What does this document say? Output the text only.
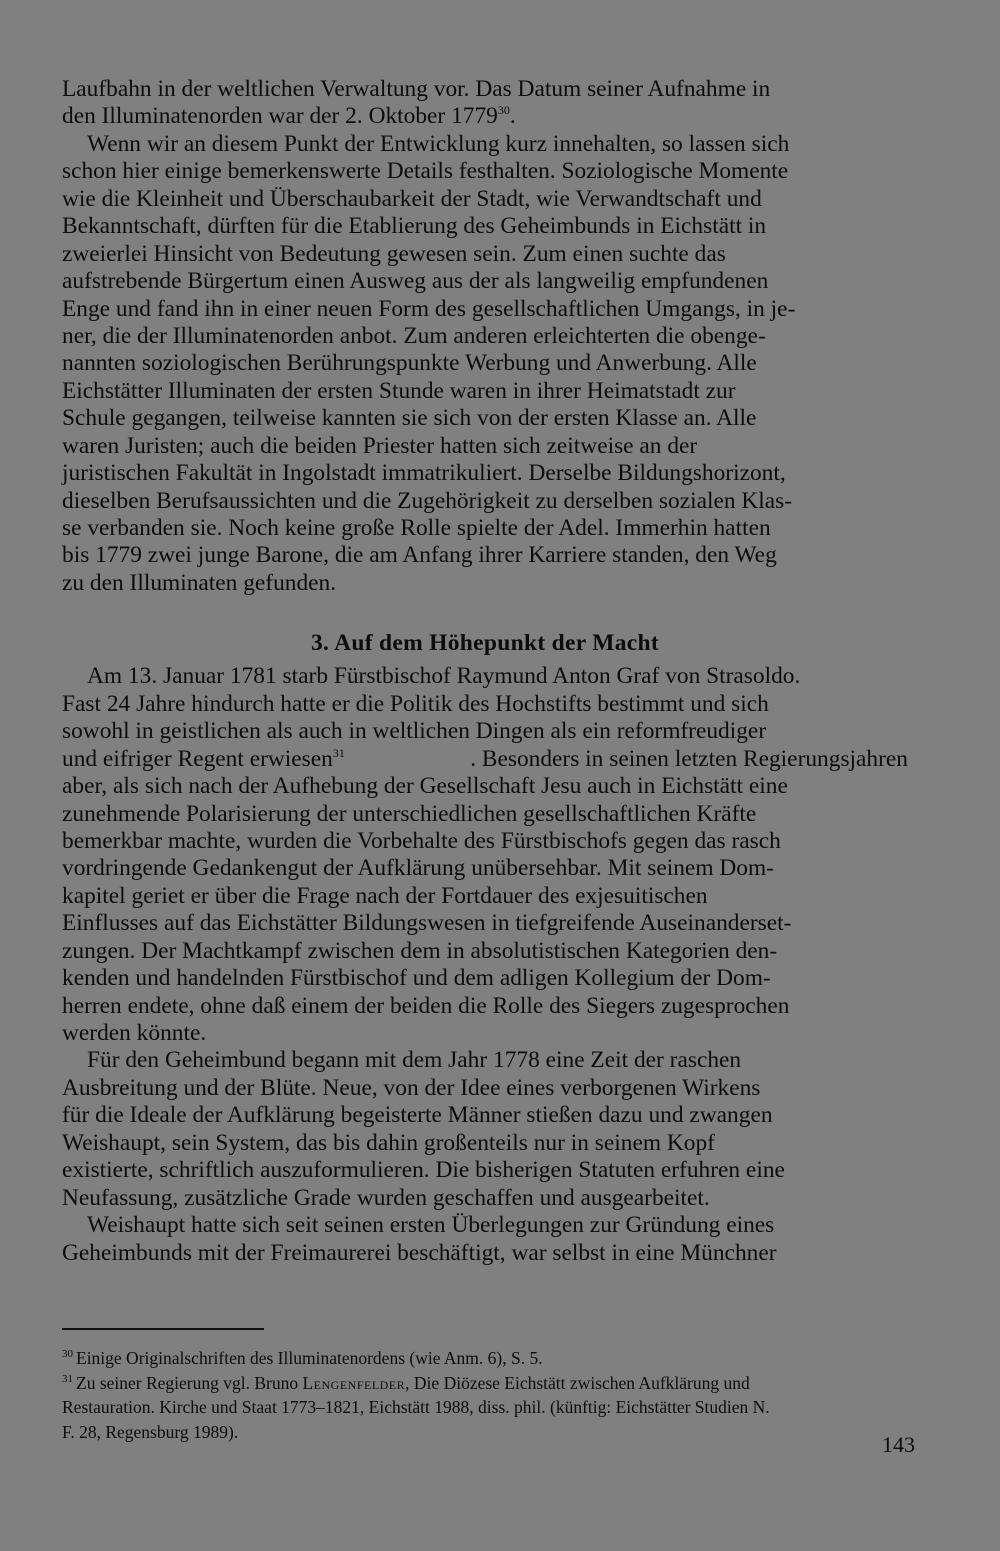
Laufbahn in der weltlichen Verwaltung vor. Das Datum seiner Aufnahme in
den Illuminatenorden war der 2. Oktober 1779$^{30}$.
Wenn wir an diesem Punkt der Entwicklung kurz innehalten, so lassen sich
schon hier einige bemerkenswerte Details festhalten. Soziologische Momente
wie die Kleinheit und Überschaubarkeit der Stadt, wie Verwandtschaft und
Bekanntschaft, dürften für die Etablierung des Geheimbunds in Eichstätt in
zweierlei Hinsicht von Bedeutung gewesen sein. Zum einen suchte das
aufstrebende Bürgertum einen Ausweg aus der als langweilig empfundenen
Enge und fand ihn in einer neuen Form des gesellschaftlichen Umgangs, in je-
ner, die der Illuminatenorden anbot. Zum anderen erleichterten die obenge-
nannten soziologischen Berührungspunkte Werbung und Anwerbung. Alle
Eichstätter Illuminaten der ersten Stunde waren in ihrer Heimatstadt zur
Schule gegangen, teilweise kannten sie sich von der ersten Klasse an. Alle
waren Juristen; auch die beiden Priester hatten sich zeitweise an der
juristischen Fakultät in Ingolstadt immatrikuliert. Derselbe Bildungshorizont,
dieselben Berufsaussichten und die Zugehörigkeit zu derselben sozialen Klas-
se verbanden sie. Noch keine große Rolle spielte der Adel. Immerhin hatten
bis 1779 zwei junge Barone, die am Anfang ihrer Karriere standen, den Weg
zu den Illuminaten gefunden.
3. Auf dem Höhepunkt der Macht
Am 13. Januar 1781 starb Fürstbischof Raymund Anton Graf von Strasoldo.
Fast 24 Jahre hindurch hatte er die Politik des Hochstifts bestimmt und sich
sowohl in geistlichen als auch in weltlichen Dingen als ein reformfreudiger
und eifriger Regent erwiesen$^{31}$	. Besonders in seinen letzten Regierungsjahren
aber, als sich nach der Aufhebung der Gesellschaft Jesu auch in Eichstätt eine
zunehmende Polarisierung der unterschiedlichen gesellschaftlichen Kräfte
bemerkbar machte, wurden die Vorbehalte des Fürstbischofs gegen das rasch
vordringende Gedankengut der Aufklärung unübersehbar. Mit seinem Dom-
kapitel geriet er über die Frage nach der Fortdauer des exjesuitischen
Einflusses auf das Eichstätter Bildungswesen in tiefgreifende Auseinanderset-
zungen. Der Machtkampf zwischen dem in absolutistischen Kategorien den-
kenden und handelnden Fürstbischof und dem adligen Kollegium der Dom-
herren endete, ohne daß einem der beiden die Rolle des Siegers zugesprochen
werden könnte.
Für den Geheimbund begann mit dem Jahr 1778 eine Zeit der raschen
Ausbreitung und der Blüte. Neue, von der Idee eines verborgenen Wirkens
für die Ideale der Aufklärung begeisterte Männer stießen dazu und zwangen
Weishaupt, sein System, das bis dahin großenteils nur in seinem Kopf
existierte, schriftlich auszuformulieren. Die bisherigen Statuten erfuhren eine
Neufassung, zusätzliche Grade wurden geschaffen und ausgearbeitet.
Weishaupt hatte sich seit seinen ersten Überlegungen zur Gründung eines
Geheimbunds mit der Freimaurerei beschäftigt, war selbst in eine Münchner
$^{30}$ Einige Originalschriften des Illuminatenordens (wie Anm. 6), S. 5.
$^{31}$ Zu seiner Regierung vgl. Bruno Lengenfelder, Die Diözese Eichstätt zwischen Aufklärung und
Restauration. Kirche und Staat 1773–1821, Eichstätt 1988, diss. phil. (künftig: Eichstätter Studien N.
F. 28, Regensburg 1989).
143
